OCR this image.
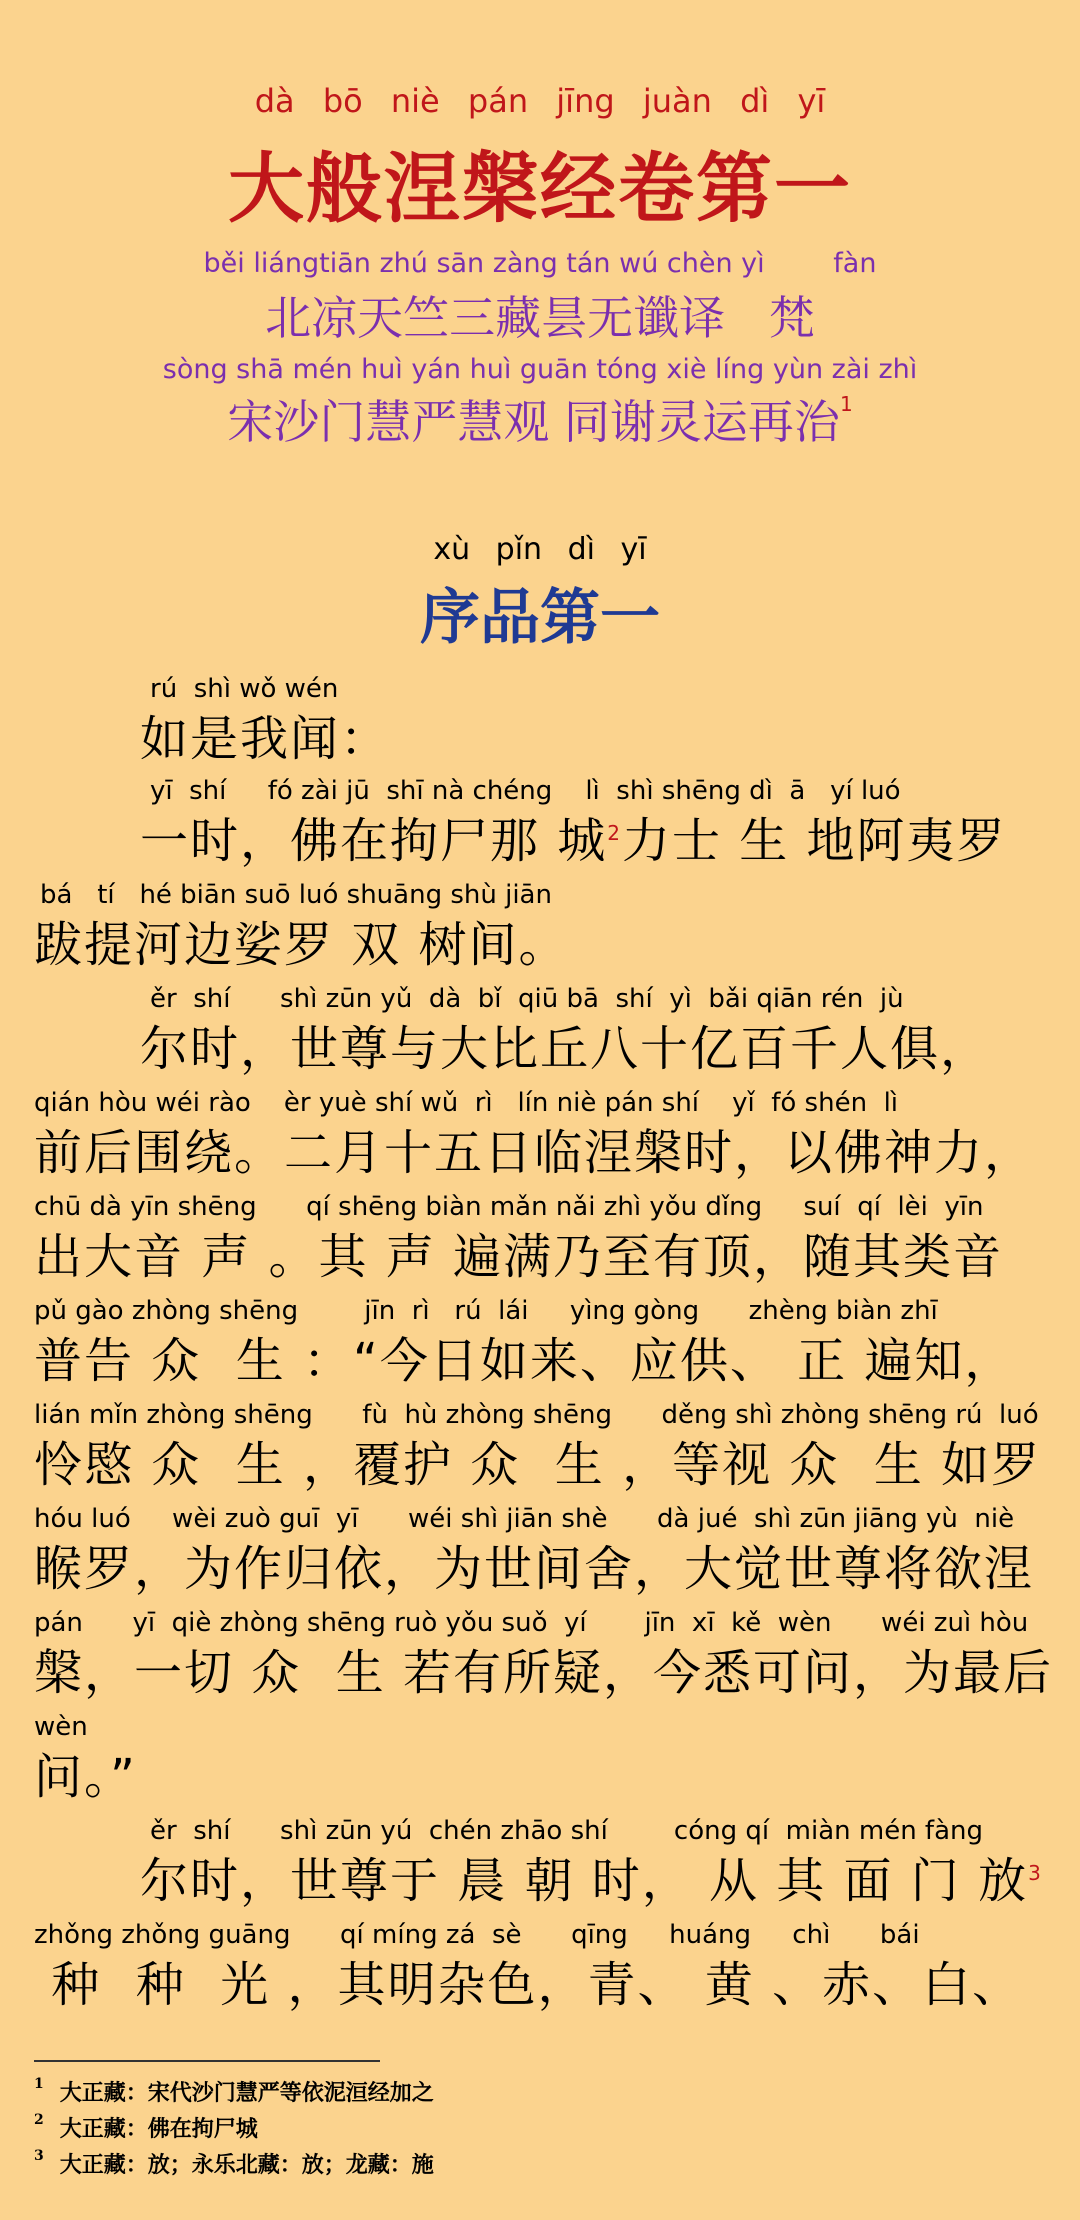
dà bō niè pán jīng juàn dì yī
大般涅槃经卷第一
běi liángtiān zhú sān zàng tán wú chèn yì        fàn
北凉天竺三藏昙无谶译   梵
sòng shā mén huì yán huì guān tóng xiè líng yùn zài zhì
宋沙门慧严慧观 同谢灵运再治$^1$
xù pǐn dì yī
序品第一
rú  shì wǒ wén
如是我闻：
yī  shí     fó zài jū  shī nà chéng    lì  shì shēng dì  ā   yí luó
一时，佛在拘尸那 城$^2$力士 生 地阿夷罗
bá   tí   hé biān suō luó shuāng shù jiān
跋提河边娑罗 双 树间。
ěr  shí      shì zūn yǔ  dà  bǐ  qiū bā  shí  yì  bǎi qiān rén  jù
尔时，世尊与大比丘八十亿百千人俱，
qián hòu wéi rào    èr yuè shí wǔ  rì   lín niè pán shí    yǐ  fó shén  lì
前后围绕。二月十五日临涅槃时，以佛神力，
chū dà yīn shēng      qí shēng biàn mǎn nǎi zhì yǒu dǐng     suí  qí  lèi  yīn
出大音 声 。其 声 遍满乃至有顶，随其类音
pǔ gào zhòng shēng        jīn  rì   rú  lái     yìng gòng      zhèng biàn zhī
普告 众  生 ：“今日如来、应供、 正 遍知，
lián mǐn zhòng shēng      fù  hù zhòng shēng      děng shì zhòng shēng rú  luó
怜愍 众  生 ，覆护 众  生 ，等视 众  生 如罗
hóu luó     wèi zuò guī  yī      wéi shì jiān shè      dà jué  shì zūn jiāng yù  niè
睺罗，为作归依，为世间舍，大觉世尊将欲涅
pán      yī  qiè zhòng shēng ruò yǒu suǒ  yí       jīn  xī  kě  wèn      wéi zuì hòu
槃，一切 众  生 若有所疑，今悉可问，为最后
wèn
问。”
ěr  shí      shì zūn yú  chén zhāo shí        cóng qí  miàn mén fàng
尔时，世尊于 晨 朝 时， 从 其 面 门 放$^3$
zhǒng zhǒng guāng      qí míng zá  sè      qīng     huáng     chì      bái
种  种  光 ，其明杂色，青、 黄 、赤、白、
$^1$ 大正藏：宋代沙门慧严等依泥洹经加之
$^2$ 大正藏：佛在拘尸城
$^3$ 大正藏：放；永乐北藏：放；龙藏：施
